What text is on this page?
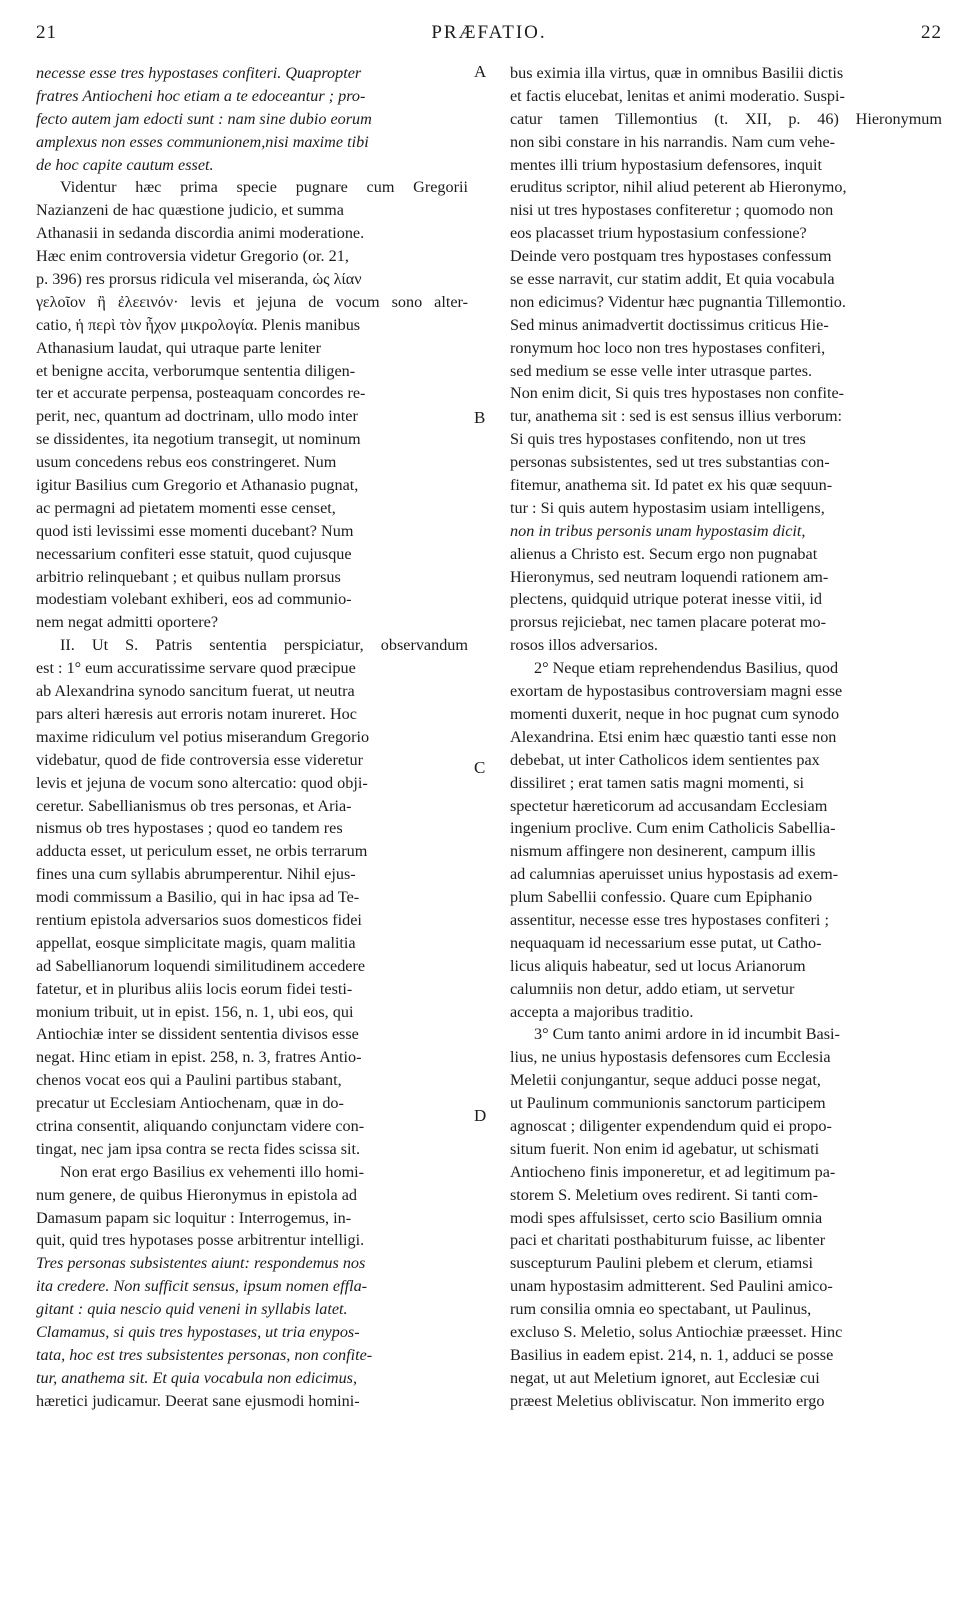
21	PRÆFATIO.	22
necesse esse tres hypostases confiteri. Quapropter
fratres Antiocheni hoc etiam a te edoceantur ; pro-
fecto autem jam edocti sunt : nam sine dubio eorum
amplexus non esses communionem,nisi maxime tibi
de hoc capite cautum esset.
Videntur hæc prima specie pugnare cum Gregorii
Nazianzeni de hac quæstione judicio, et summa
Athanasii in sedanda discordia animi moderatione.
Hæc enim controversia videtur Gregorio (or. 21,
p. 396) res prorsus ridicula vel miseranda, ὡς λίαν
γελοῖον ἢ ἐλεεινόν· levis et jejuna de vocum sono alter-
catio, ἡ περὶ τὸν ἦχον μικρολογία. Plenis manibus
Athanasium laudat, qui utraque parte leniter
et benigne accita, verborumque sententia diligen-
ter et accurate perpensa, posteaquam concordes re-
perit, nec, quantum ad doctrinam, ullo modo inter
se dissidentes, ita negotium transegit, ut nominum
usum concedens rebus eos constringeret. Num
igitur Basilius cum Gregorio et Athanasio pugnat,
ac permagni ad pietatem momenti esse censet,
quod isti levissimi esse momenti ducebant? Num
necessarium confiteri esse statuit, quod cujusque
arbitrio relinquebant ; et quibus nullam prorsus
modestiam volebant exhiberi, eos ad communio-
nem negat admitti oportere?
II. Ut S. Patris sententia perspiciatur, observandum
est : 1° eum accuratissime servare quod præcipue
ab Alexandrina synodo sancitum fuerat, ut neutra
pars alteri hæresis aut erroris notam inureret. Hoc
maxime ridiculum vel potius miserandum Gregorio
videbatur, quod de fide controversia esse videretur
levis et jejuna de vocum sono altercatio: quod obji-
ceretur. Sabellianismus ob tres personas, et Aria-
nismus ob tres hypostases ; quod eo tandem res
adducta esset, ut periculum esset, ne orbis terrarum
fines una cum syllabis abrumperentur. Nihil ejus-
modi commissum a Basilio, qui in hac ipsa ad Te-
rentium epistola adversarios suos domesticos fidei
appellat, eosque simplicitate magis, quam malitia
ad Sabellianorum loquendi similitudinem accedere
fatetur, et in pluribus aliis locis eorum fidei testi-
monium tribuit, ut in epist. 156, n. 1, ubi eos, qui
Antiochiæ inter se dissident sententia divisos esse
negat. Hinc etiam in epist. 258, n. 3, fratres Antio-
chenos vocat eos qui a Paulini partibus stabant,
precatur ut Ecclesiam Antiochenam, quæ in do-
ctrina consentit, aliquando conjunctam videre con-
tingat, nec jam ipsa contra se recta fides scissa sit.
Non erat ergo Basilius ex vehementi illo homi-
num genere, de quibus Hieronymus in epistola ad
Damasum papam sic loquitur : Interrogemus, in-
quit, quid tres hypotases posse arbitrentur intelligi.
Tres personas subsistentes aiunt: respondemus nos
ita credere. Non sufficit sensus, ipsum nomen effla-
gitant : quia nescio quid veneni in syllabis latet.
Clamamus, si quis tres hypostases, ut tria enypos-
tata, hoc est tres subsistentes personas, non confite-
tur, anathema sit. Et quia vocabula non edicimus,
hæretici judicamur. Deerat sane ejusmodi homini-
bus eximia illa virtus, quæ in omnibus Basilii dictis
et factis elucebat, lenitas et animi moderatio. Suspi-
catur tamen Tillemontius (t. XII, p. 46) Hieronymum
non sibi constare in his narrandis. Nam cum vehe-
mentes illi trium hypostasium defensores, inquit
eruditus scriptor, nihil aliud peterent ab Hieronymo,
nisi ut tres hypostases confiteretur ; quomodo non
eos placasset trium hypostasium confessione?
Deinde vero postquam tres hypostases confessum
se esse narravit, cur statim addit, Et quia vocabula
non edicimus? Videntur hæc pugnantia Tillemontio.
Sed minus animadvertit doctissimus criticus Hie-
ronymum hoc loco non tres hypostases confiteri,
sed medium se esse velle inter utrasque partes.
Non enim dicit, Si quis tres hypostases non confite-
tur, anathema sit : sed is est sensus illius verborum:
Si quis tres hypostases confitendo, non ut tres
personas subsistentes, sed ut tres substantias con-
fitemur, anathema sit. Id patet ex his quæ sequun-
tur : Si quis autem hypostasim usiam intelligens,
non in tribus personis unam hypostasim dicit,
alienus a Christo est. Secum ergo non pugnabat
Hieronymus, sed neutram loquendi rationem am-
plectens, quidquid utrique poterat inesse vitii, id
prorsus rejiciebat, nec tamen placare poterat mo-
rosos illos adversarios.
2° Neque etiam reprehendendus Basilius, quod
exortam de hypostasibus controversiam magni esse
momenti duxerit, neque in hoc pugnat cum synodo
Alexandrina. Etsi enim hæc quæstio tanti esse non
debebat, ut inter Catholicos idem sentientes pax
dissiliret ; erat tamen satis magni momenti, si
spectetur hæreticorum ad accusandam Ecclesiam
ingenium proclive. Cum enim Catholicis Sabellia-
nismum affingere non desinerent, campum illis
ad calumnias aperuisset unius hypostasis ad exem-
plum Sabellii confessio. Quare cum Epiphanio
assentitur, necesse esse tres hypostases confiteri ;
nequaquam id necessarium esse putat, ut Catho-
licus aliquis habeatur, sed ut locus Arianorum
calumniis non detur, addo etiam, ut servetur
accepta a majoribus traditio.
3° Cum tanto animi ardore in id incumbit Basi-
lius, ne unius hypostasis defensores cum Ecclesia
Meletii conjungantur, seque adduci posse negat,
ut Paulinum communionis sanctorum participem
agnoscat ; diligenter expendendum quid ei propo-
situm fuerit. Non enim id agebatur, ut schismati
Antiocheno finis imponeretur, et ad legitimum pa-
storem S. Meletium oves redirent. Si tanti com-
modi spes affulsisset, certo scio Basilium omnia
paci et charitati posthabiturum fuisse, ac libenter
suscepturum Paulini plebem et clerum, etiamsi
unam hypostasim admitterent. Sed Paulini amico-
rum consilia omnia eo spectabant, ut Paulinus,
excluso S. Meletio, solus Antiochiæ præesset. Hinc
Basilius in eadem epist. 214, n. 1, adduci se posse
negat, ut aut Meletium ignoret, aut Ecclesiæ cui
præest Meletius obliviscatur. Non immerito ergo
A
B
C
D
